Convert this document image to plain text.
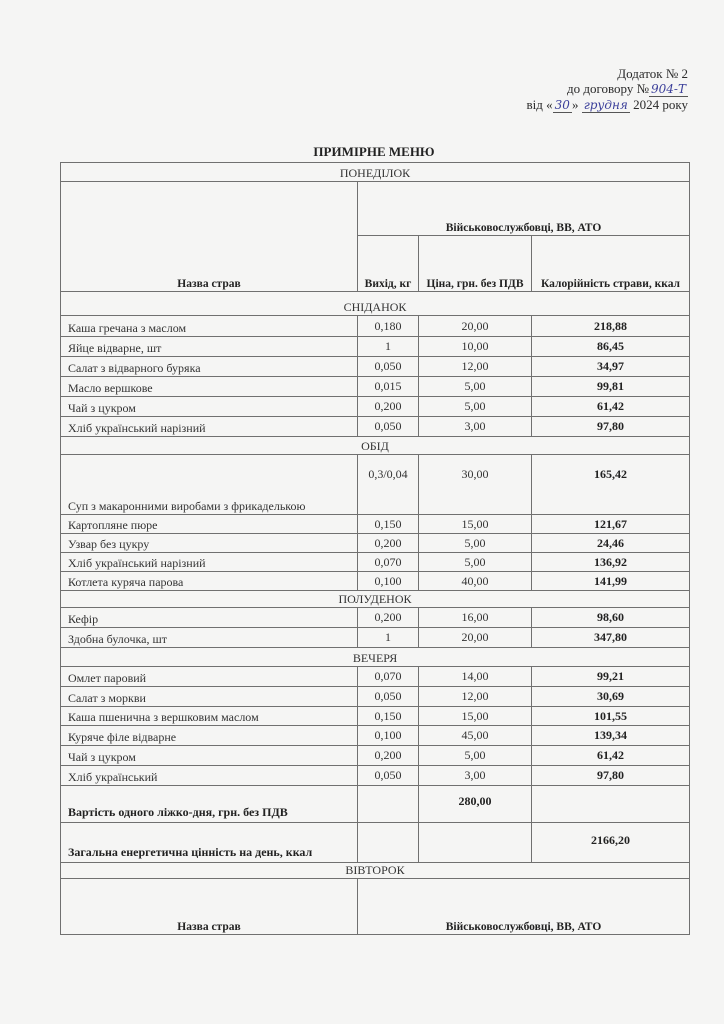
Додаток № 2
до договору № 904-Т
від « 30 » грудня 2024 року
ПРИМІРНЕ МЕНЮ
ПОНЕДІЛОК			
Назва страв	Військовослужбовці, ВВ, АТО		
	Вихід, кг	Ціна, грн. без ПДВ	Калорійність страви, ккал
СНІДАНОК			
Каша гречана з маслом	0,180	20,00	218,88
Яйце відварне, шт	1	10,00	86,45
Салат з відварного буряка	0,050	12,00	34,97
Масло вершкове	0,015	5,00	99,81
Чай з цукром	0,200	5,00	61,42
Хліб український нарізний	0,050	3,00	97,80
ОБІД			
Суп з макаронними виробами з фрикаделькою	0,3/0,04	30,00	165,42
Картопляне пюре	0,150	15,00	121,67
Узвар без цукру	0,200	5,00	24,46
Хліб український нарізний	0,070	5,00	136,92
Котлета куряча парова	0,100	40,00	141,99
ПОЛУДЕНОК			
Кефір	0,200	16,00	98,60
Здобна булочка, шт	1	20,00	347,80
ВЕЧЕРЯ			
Омлет паровий	0,070	14,00	99,21
Салат з моркви	0,050	12,00	30,69
Каша пшенична з вершковим маслом	0,150	15,00	101,55
Куряче філе відварне	0,100	45,00	139,34
Чай з цукром	0,200	5,00	61,42
Хліб український	0,050	3,00	97,80
Вартість одного ліжко-дня, грн. без ПДВ		280,00	
Загальна енергетична цінність на день, ккал			2166,20
ВІВТОРОК			
Назва страв	Військовослужбовці, ВВ, АТО		
